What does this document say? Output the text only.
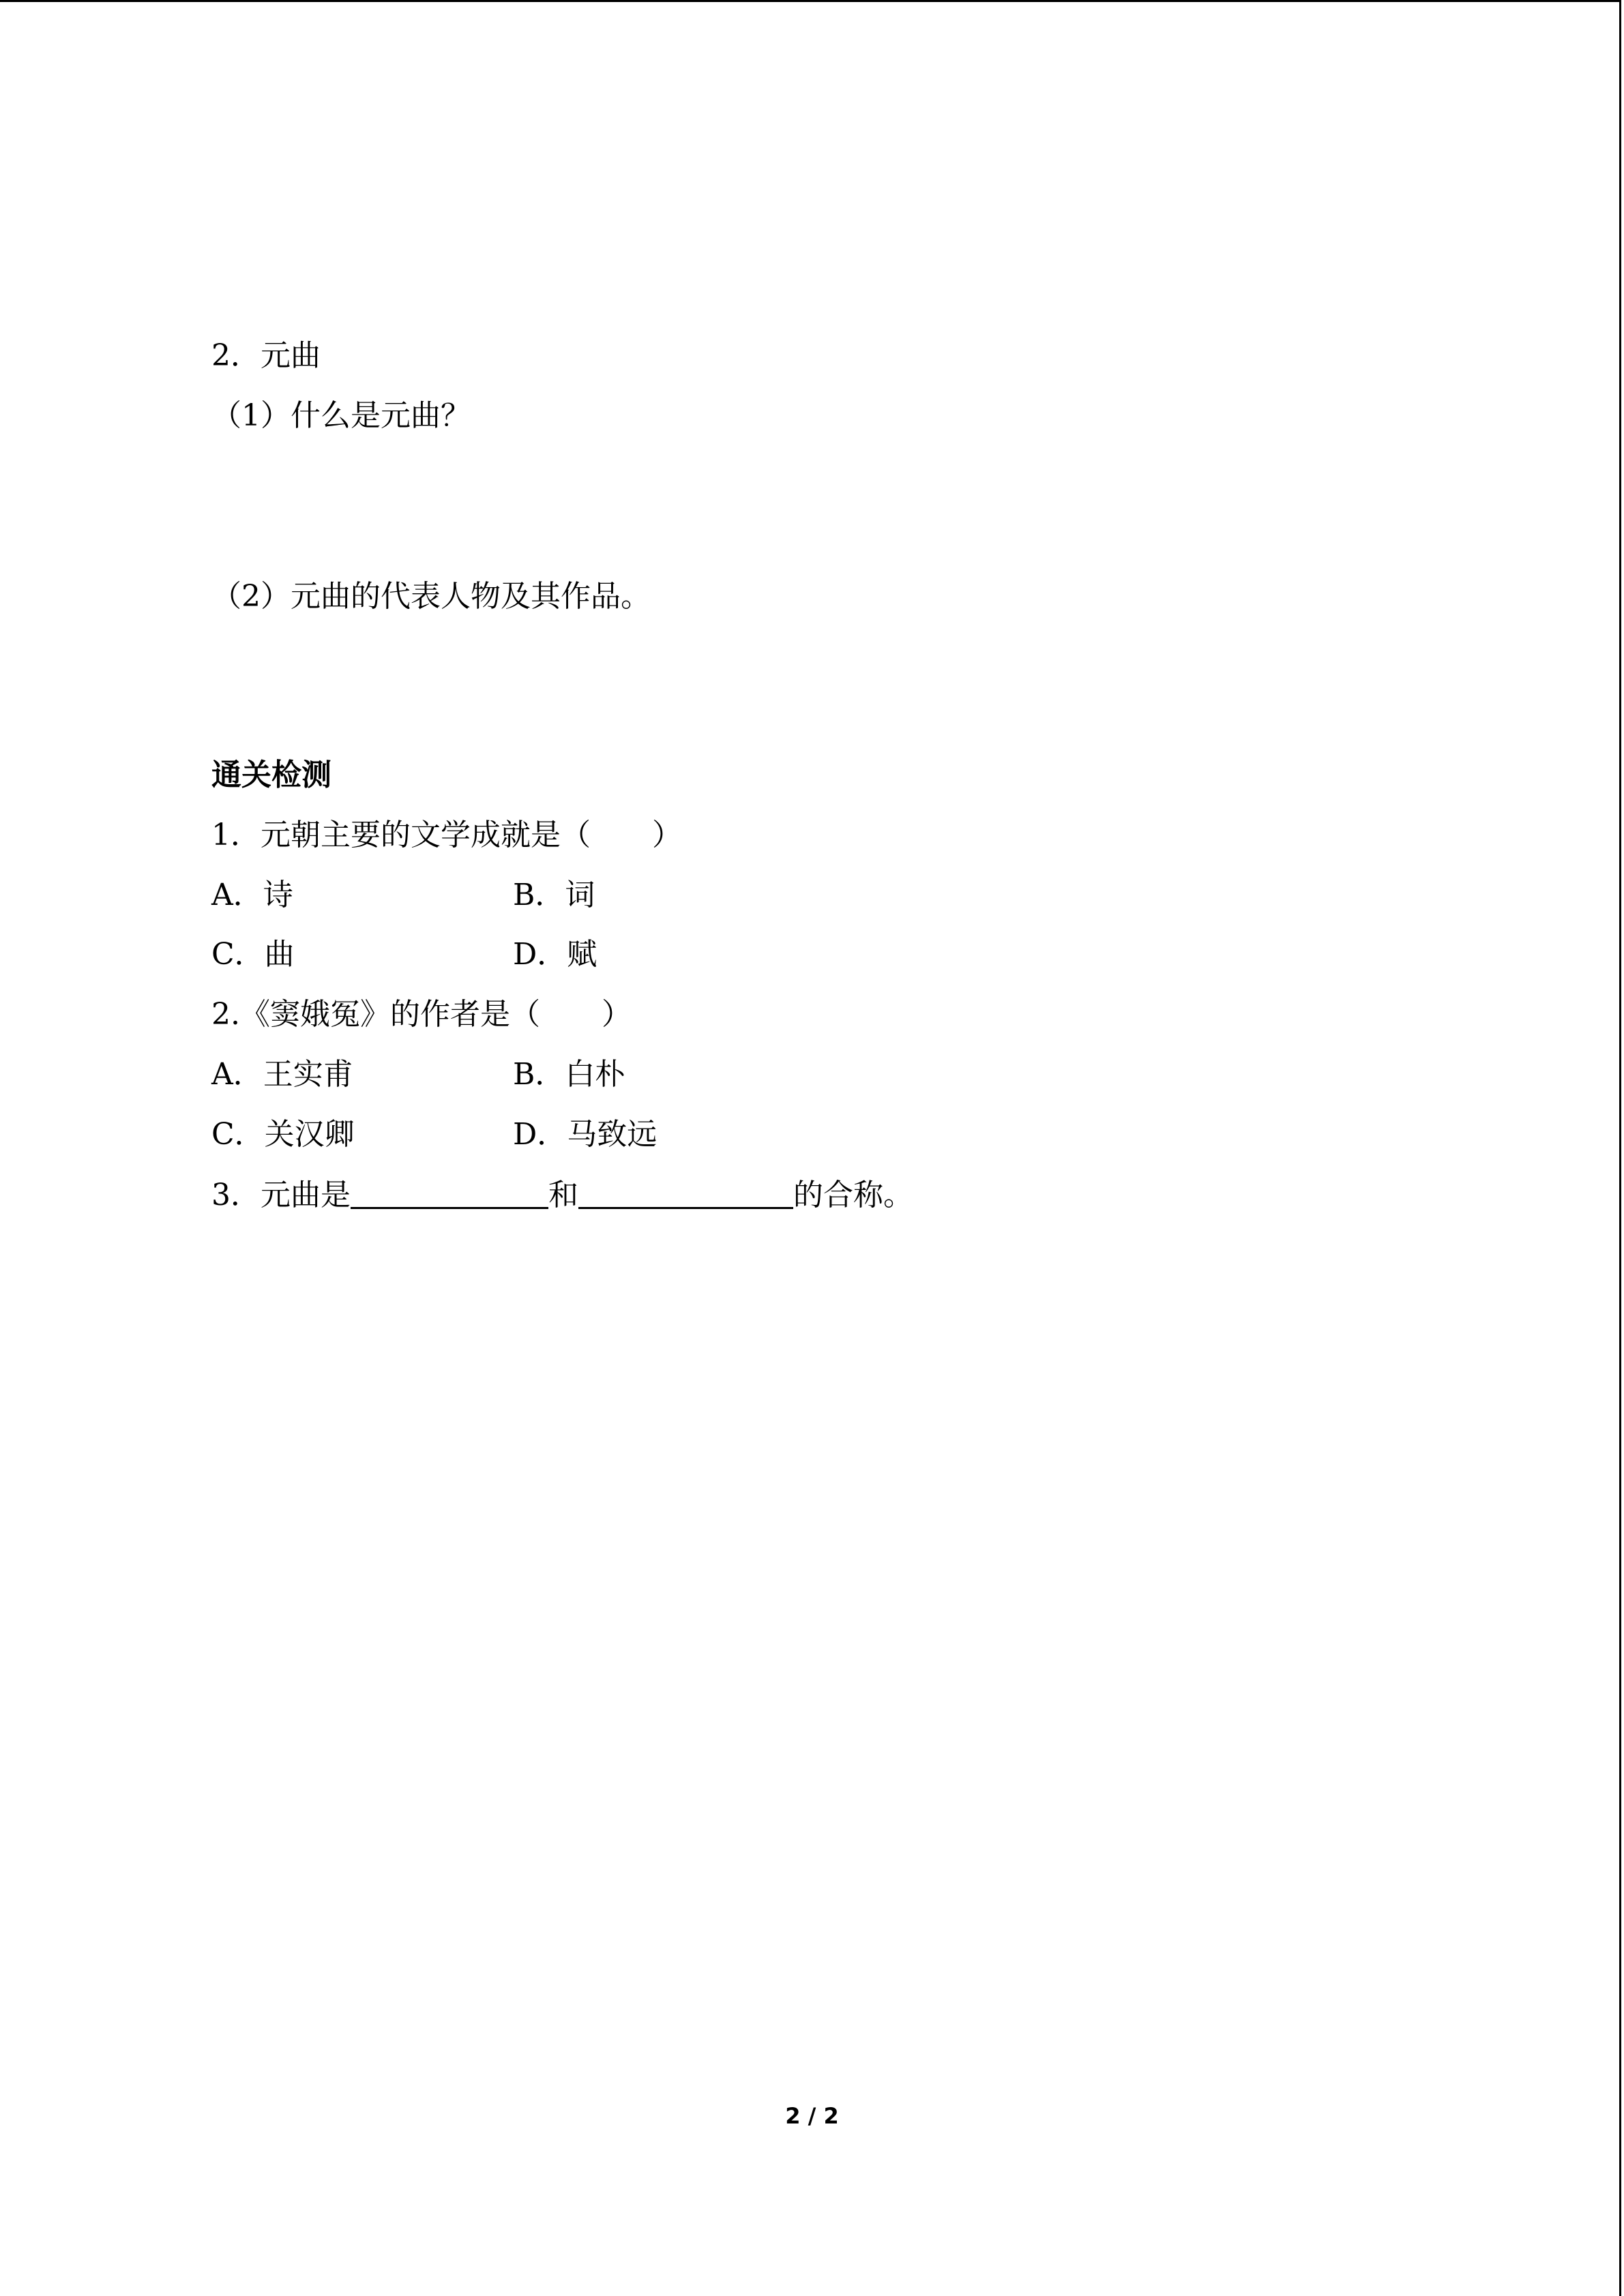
2．元曲
（1）什么是元曲？
（2）元曲的代表人物及其作品。
通关检测
1．元朝主要的文学成就是（ ）
A．诗	B．词
C．曲	D．赋
2.《窦娥冤》的作者是（ ）
A．王实甫	B．白朴
C．关汉卿	D．马致远
3．元曲是	和	的合称。
2 / 2
